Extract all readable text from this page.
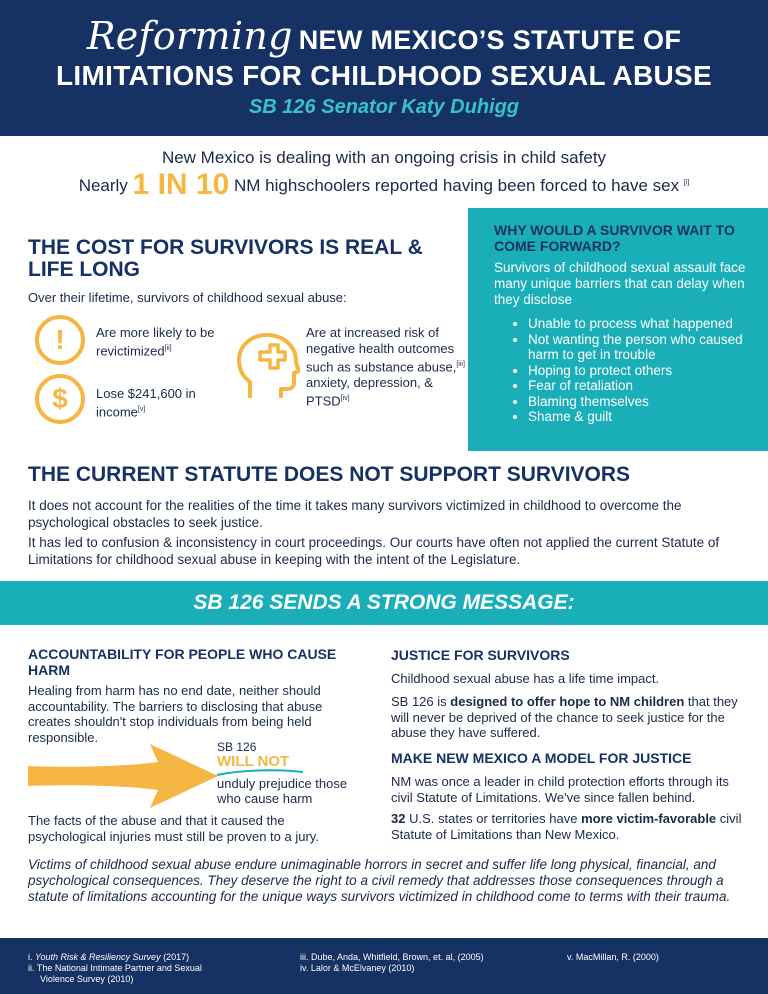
Reforming NEW MEXICO’S STATUTE OF
LIMITATIONS FOR CHILDHOOD SEXUAL ABUSE
SB 126 Senator Katy Duhigg
New Mexico is dealing with an ongoing crisis in child safety
Nearly 1 IN 10 NM highschoolers reported having been forced to have sex [i]
THE COST FOR SURVIVORS IS REAL & LIFE LONG
Over their lifetime, survivors of childhood sexual abuse:
!	Are more likely to be revictimized[ii]
$	Lose $241,600 in income[v]
Are at increased risk of negative health outcomes such as substance abuse,[iii] anxiety, depression, & PTSD[iv]
WHY WOULD A SURVIVOR WAIT TO COME FORWARD?
Survivors of childhood sexual assault face many unique barriers that can delay when they disclose
• Unable to process what happened
• Not wanting the person who caused harm to get in trouble
• Hoping to protect others
• Fear of retaliation
• Blaming themselves
• Shame & guilt
THE CURRENT STATUTE DOES NOT SUPPORT SURVIVORS
It does not account for the realities of the time it takes many survivors victimized in childhood to overcome the psychological obstacles to seek justice.
It has led to confusion & inconsistency in court proceedings. Our courts have often not applied the current Statute of Limitations for childhood sexual abuse in keeping with the intent of the Legislature.
SB 126 SENDS A STRONG MESSAGE:
ACCOUNTABILITY FOR PEOPLE WHO CAUSE HARM
Healing from harm has no end date, neither should accountability. The barriers to disclosing that abuse creates shouldn't stop individuals from being held responsible.
SB 126
WILL NOT
unduly prejudice those who cause harm
The facts of the abuse and that it caused the psychological injuries must still be proven to a jury.
JUSTICE FOR SURVIVORS
Childhood sexual abuse has a life time impact.
SB 126 is designed to offer hope to NM children that they will never be deprived of the chance to seek justice for the abuse they have suffered.
MAKE NEW MEXICO A MODEL FOR JUSTICE
NM was once a leader in child protection efforts through its civil Statute of Limitations. We've since fallen behind.
32 U.S. states or territories have more victim-favorable civil Statute of Limitations than New Mexico.
Victims of childhood sexual abuse endure unimaginable horrors in secret and suffer life long physical, financial, and psychological consequences. They deserve the right to a civil remedy that addresses those consequences through a statute of limitations accounting for the unique ways survivors victimized in childhood come to terms with their trauma.
i. Youth Risk & Resiliency Survey (2017)
ii. The National Intimate Partner and Sexual
Violence Survey (2010)
iii. Dube, Anda, Whitfield, Brown, et. al, (2005)
iv. Lalor & McElvaney (2010)
v. MacMillan, R. (2000)
